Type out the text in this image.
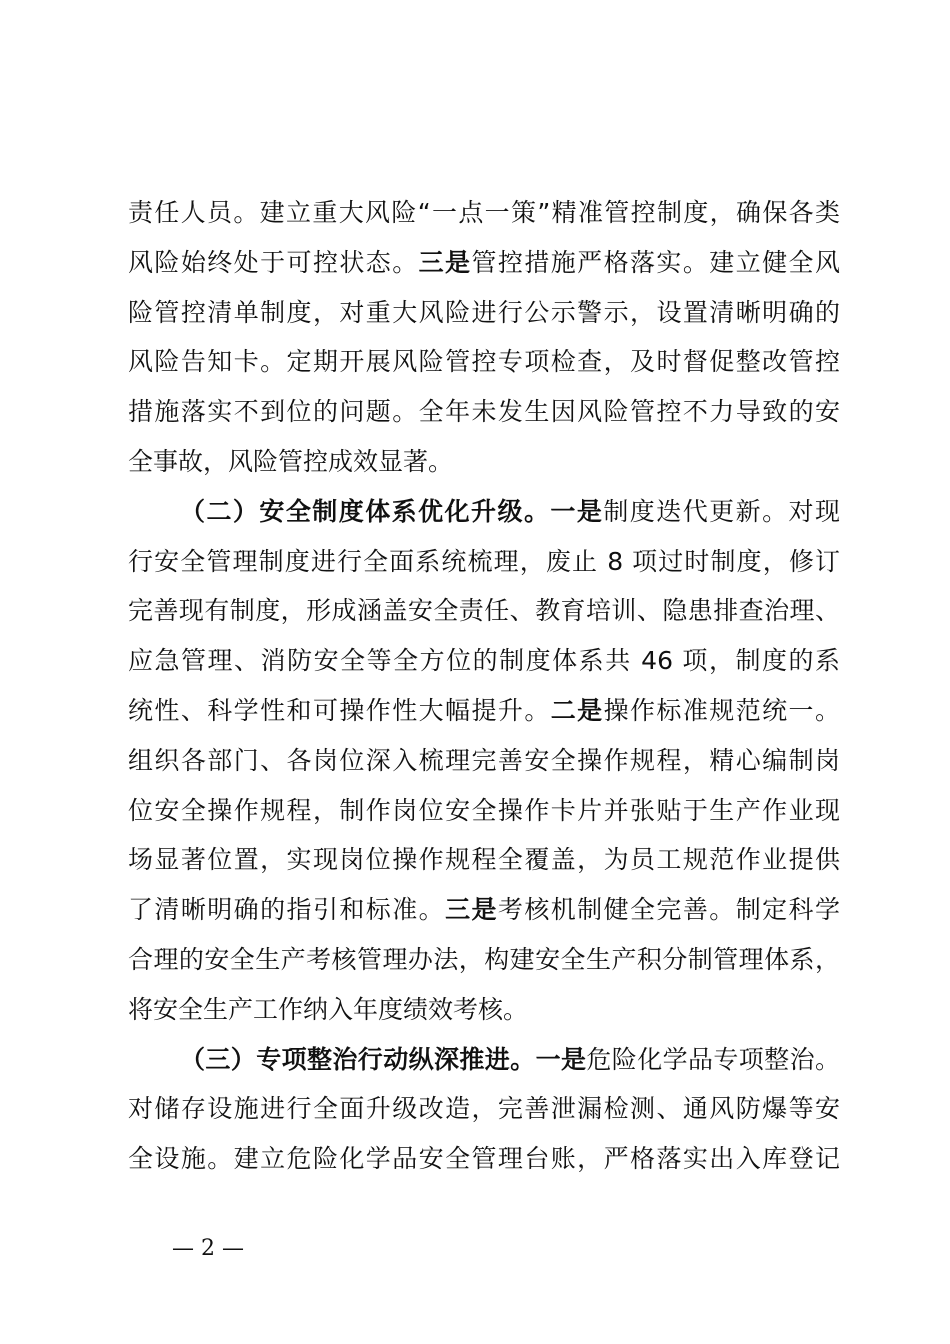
责任人员。建立重大风险“一点一策”精准管控制度，确保各类
风险始终处于可控状态。三是管控措施严格落实。建立健全风
险管控清单制度，对重大风险进行公示警示，设置清晰明确的
风险告知卡。定期开展风险管控专项检查，及时督促整改管控
措施落实不到位的问题。全年未发生因风险管控不力导致的安
全事故，风险管控成效显著。
（二）安全制度体系优化升级。一是制度迭代更新。对现
行安全管理制度进行全面系统梳理，废止 8 项过时制度，修订
完善现有制度，形成涵盖安全责任、教育培训、隐患排查治理、
应急管理、消防安全等全方位的制度体系共 46 项，制度的系
统性、科学性和可操作性大幅提升。二是操作标准规范统一。
组织各部门、各岗位深入梳理完善安全操作规程，精心编制岗
位安全操作规程，制作岗位安全操作卡片并张贴于生产作业现
场显著位置，实现岗位操作规程全覆盖，为员工规范作业提供
了清晰明确的指引和标准。三是考核机制健全完善。制定科学
合理的安全生产考核管理办法，构建安全生产积分制管理体系，
将安全生产工作纳入年度绩效考核。
（三）专项整治行动纵深推进。一是危险化学品专项整治。
对储存设施进行全面升级改造，完善泄漏检测、通风防爆等安
全设施。建立危险化学品安全管理台账，严格落实出入库登记
— 2 —
